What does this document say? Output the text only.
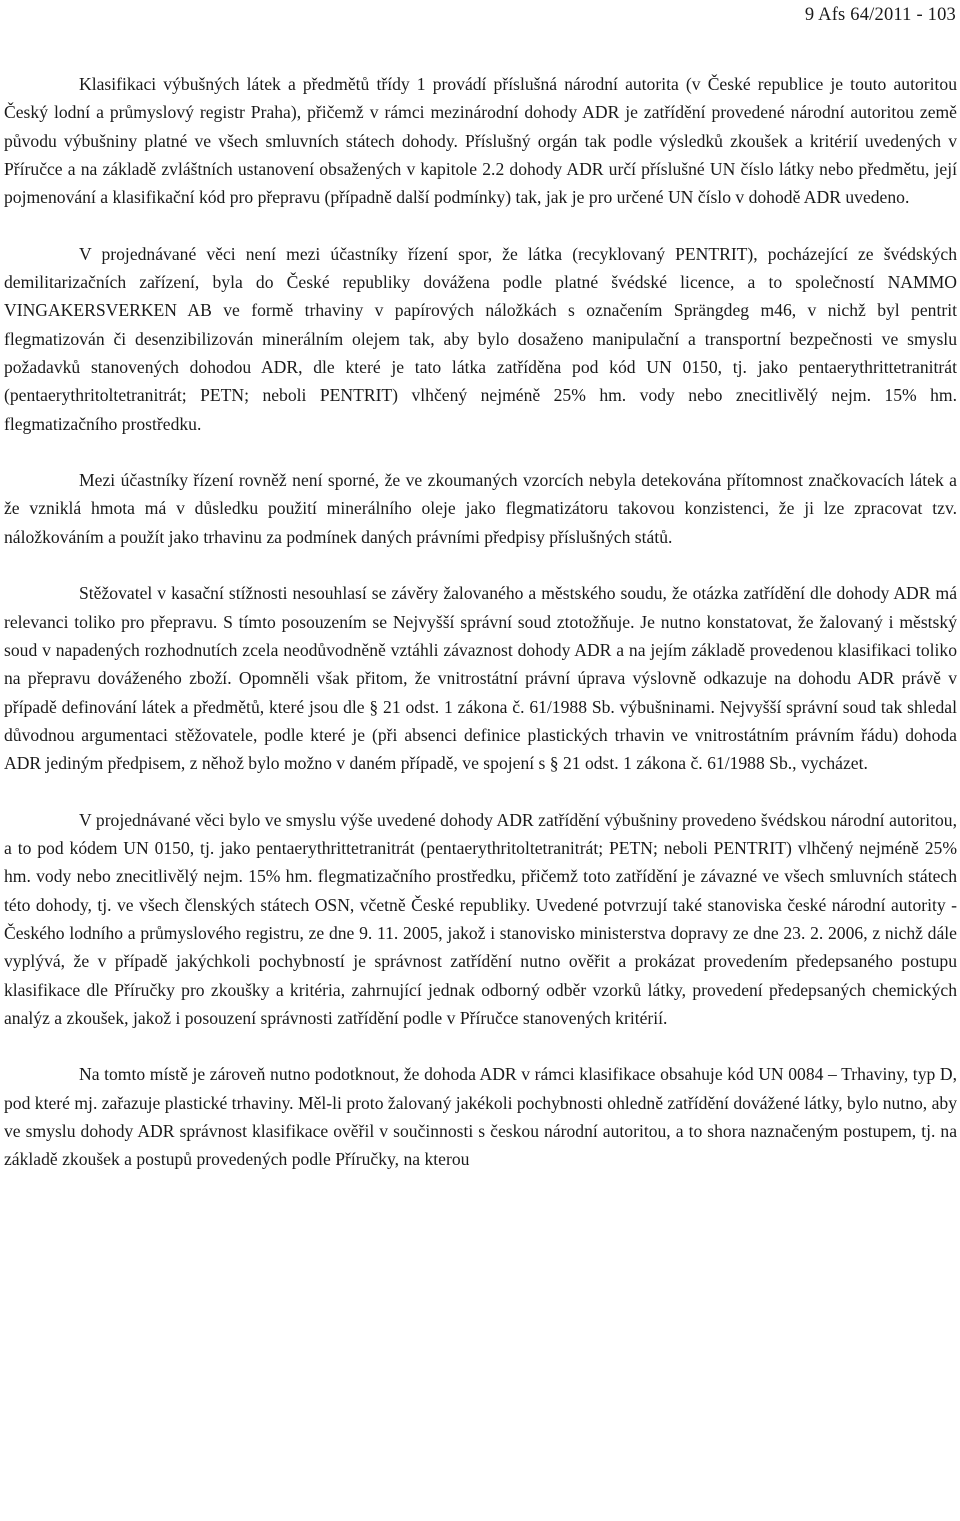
9 Afs 64/2011 - 103

Klasifikaci výbušných látek a předmětů třídy 1 provádí příslušná národní autorita (v České republice je touto autoritou Český lodní a průmyslový registr Praha), přičemž v rámci mezinárodní dohody ADR je zatřídění provedené národní autoritou země původu výbušniny platné ve všech smluvních státech dohody. Příslušný orgán tak podle výsledků zkoušek a kritérií uvedených v Příručce a na základě zvláštních ustanovení obsažených v kapitole 2.2 dohody ADR určí příslušné UN číslo látky nebo předmětu, její pojmenování a klasifikační kód pro přepravu (případně další podmínky) tak, jak je pro určené UN číslo v dohodě ADR uvedeno.

V projednávané věci není mezi účastníky řízení spor, že látka (recyklovaný PENTRIT), pocházející ze švédských demilitarizačních zařízení, byla do České republiky dovážena podle platné švédské licence, a to společností NAMMO VINGAKERSVERKEN AB ve formě trhaviny v papírových náložkách s označením Sprängdeg m46, v nichž byl pentrit flegmatizován či desenzibilizován minerálním olejem tak, aby bylo dosaženo manipulační a transportní bezpečnosti ve smyslu požadavků stanovených dohodou ADR, dle které je tato látka zatříděna pod kód UN 0150, tj. jako pentaerythrittetranitrát (pentaerythritoltetranitrát; PETN; neboli PENTRIT) vlhčený nejméně 25% hm. vody nebo znecitlivělý nejm. 15% hm. flegmatizačního prostředku.

Mezi účastníky řízení rovněž není sporné, že ve zkoumaných vzorcích nebyla detekována přítomnost značkovacích látek a že vzniklá hmota má v důsledku použití minerálního oleje jako flegmatizátoru takovou konzistenci, že ji lze zpracovat tzv. náložkováním a použít jako trhavinu za podmínek daných právními předpisy příslušných států.

Stěžovatel v kasační stížnosti nesouhlasí se závěry žalovaného a městského soudu, že otázka zatřídění dle dohody ADR má relevanci toliko pro přepravu. S tímto posouzením se Nejvyšší správní soud ztotožňuje. Je nutno konstatovat, že žalovaný i městský soud v napadených rozhodnutích zcela neodůvodněně vztáhli závaznost dohody ADR a na jejím základě provedenou klasifikaci toliko na přepravu dováženého zboží. Opomněli však přitom, že vnitrostátní právní úprava výslovně odkazuje na dohodu ADR právě v případě definování látek a předmětů, které jsou dle § 21 odst. 1 zákona č. 61/1988 Sb. výbušninami. Nejvyšší správní soud tak shledal důvodnou argumentaci stěžovatele, podle které je (při absenci definice plastických trhavin ve vnitrostátním právním řádu) dohoda ADR jediným předpisem, z něhož bylo možno v daném případě, ve spojení s § 21 odst. 1 zákona č. 61/1988 Sb., vycházet.

V projednávané věci bylo ve smyslu výše uvedené dohody ADR zatřídění výbušniny provedeno švédskou národní autoritou, a to pod kódem UN 0150, tj. jako pentaerythrittetranitrát (pentaerythritoltetranitrát; PETN; neboli PENTRIT) vlhčený nejméně 25% hm. vody nebo znecitlivělý nejm. 15% hm. flegmatizačního prostředku, přičemž toto zatřídění je závazné ve všech smluvních státech této dohody, tj. ve všech členských státech OSN, včetně České republiky. Uvedené potvrzují také stanoviska české národní autority - Českého lodního a průmyslového registru, ze dne 9. 11. 2005, jakož i stanovisko ministerstva dopravy ze dne 23. 2. 2006, z nichž dále vyplývá, že v případě jakýchkoli pochybností je správnost zatřídění nutno ověřit a prokázat provedením předepsaného postupu klasifikace dle Příručky pro zkoušky a kritéria, zahrnující jednak odborný odběr vzorků látky, provedení předepsaných chemických analýz a zkoušek, jakož i posouzení správnosti zatřídění podle v Příručce stanovených kritérií.

Na tomto místě je zároveň nutno podotknout, že dohoda ADR v rámci klasifikace obsahuje kód UN 0084 – Trhaviny, typ D, pod které mj. zařazuje plastické trhaviny. Měl-li proto žalovaný jakékoli pochybnosti ohledně zatřídění dovážené látky, bylo nutno, aby ve smyslu dohody ADR správnost klasifikace ověřil v součinnosti s českou národní autoritou, a to shora naznačeným postupem, tj. na základě zkoušek a postupů provedených podle Příručky, na kterou
